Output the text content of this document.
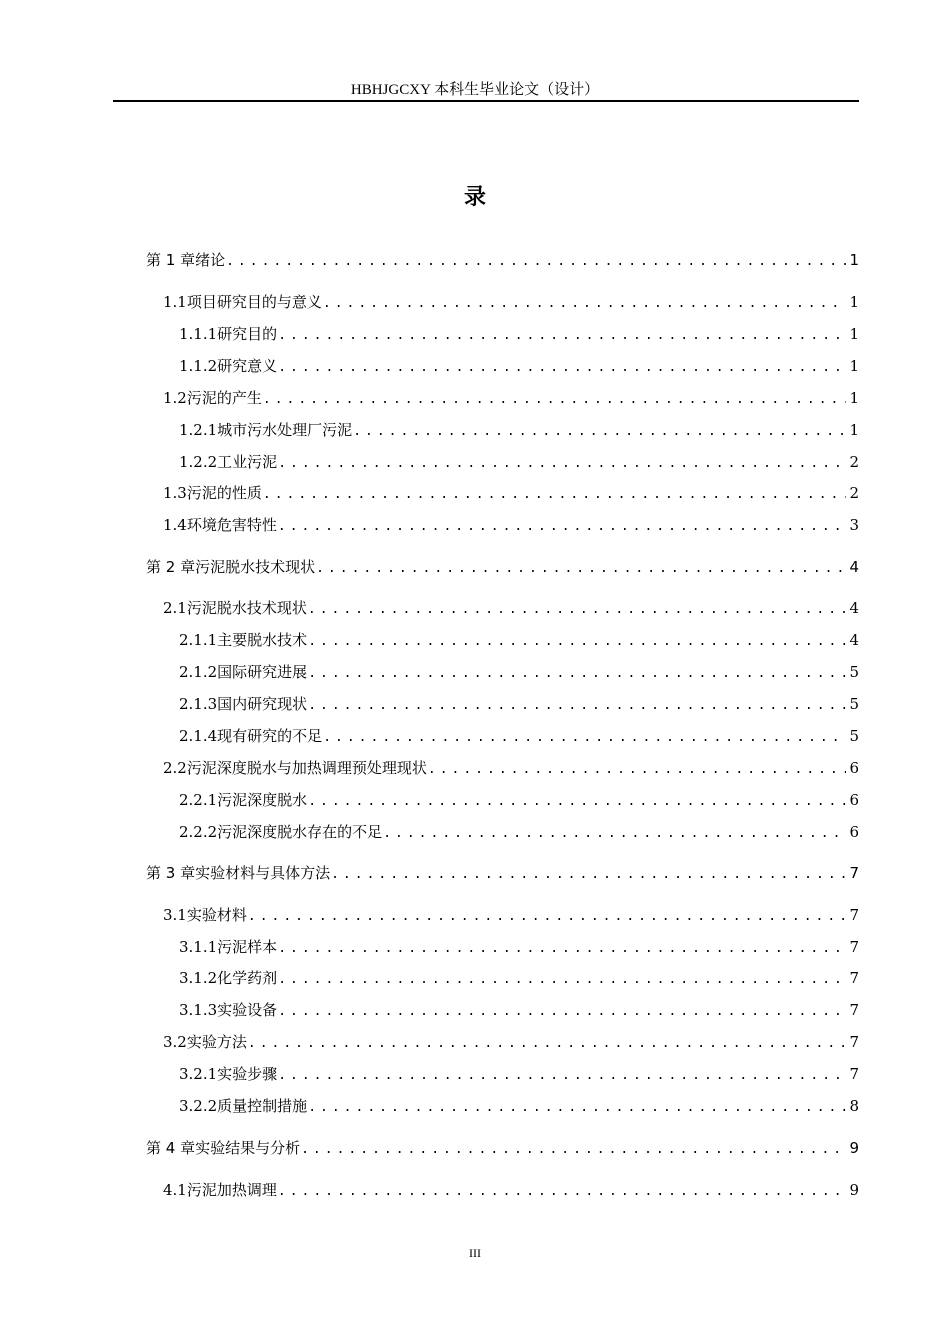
HBHJGCXY 本科生毕业论文（设计）
录
第 1 章 绪论 .....	1
1.1 项目研究目的与意义 .....	1
1.1.1 研究目的 .....	1
1.1.2 研究意义 .....	1
1.2 污泥的产生 .....	1
1.2.1 城市污水处理厂污泥 .....	1
1.2.2 工业污泥 .....	2
1.3 污泥的性质 .....	2
1.4 环境危害特性 .....	3
第 2 章 污泥脱水技术现状 .....	4
2.1 污泥脱水技术现状 .....	4
2.1.1 主要脱水技术 .....	4
2.1.2 国际研究进展 .....	5
2.1.3 国内研究现状 .....	5
2.1.4 现有研究的不足 .....	5
2.2 污泥深度脱水与加热调理预处理现状 .....	6
2.2.1 污泥深度脱水 .....	6
2.2.2 污泥深度脱水存在的不足 .....	6
第 3 章 实验材料与具体方法 .....	7
3.1 实验材料 .....	7
3.1.1 污泥样本 .....	7
3.1.2 化学药剂 .....	7
3.1.3 实验设备 .....	7
3.2 实验方法 .....	7
3.2.1 实验步骤 .....	7
3.2.2 质量控制措施 .....	8
第 4 章 实验结果与分析 .....	9
4.1 污泥加热调理 .....	9
III
